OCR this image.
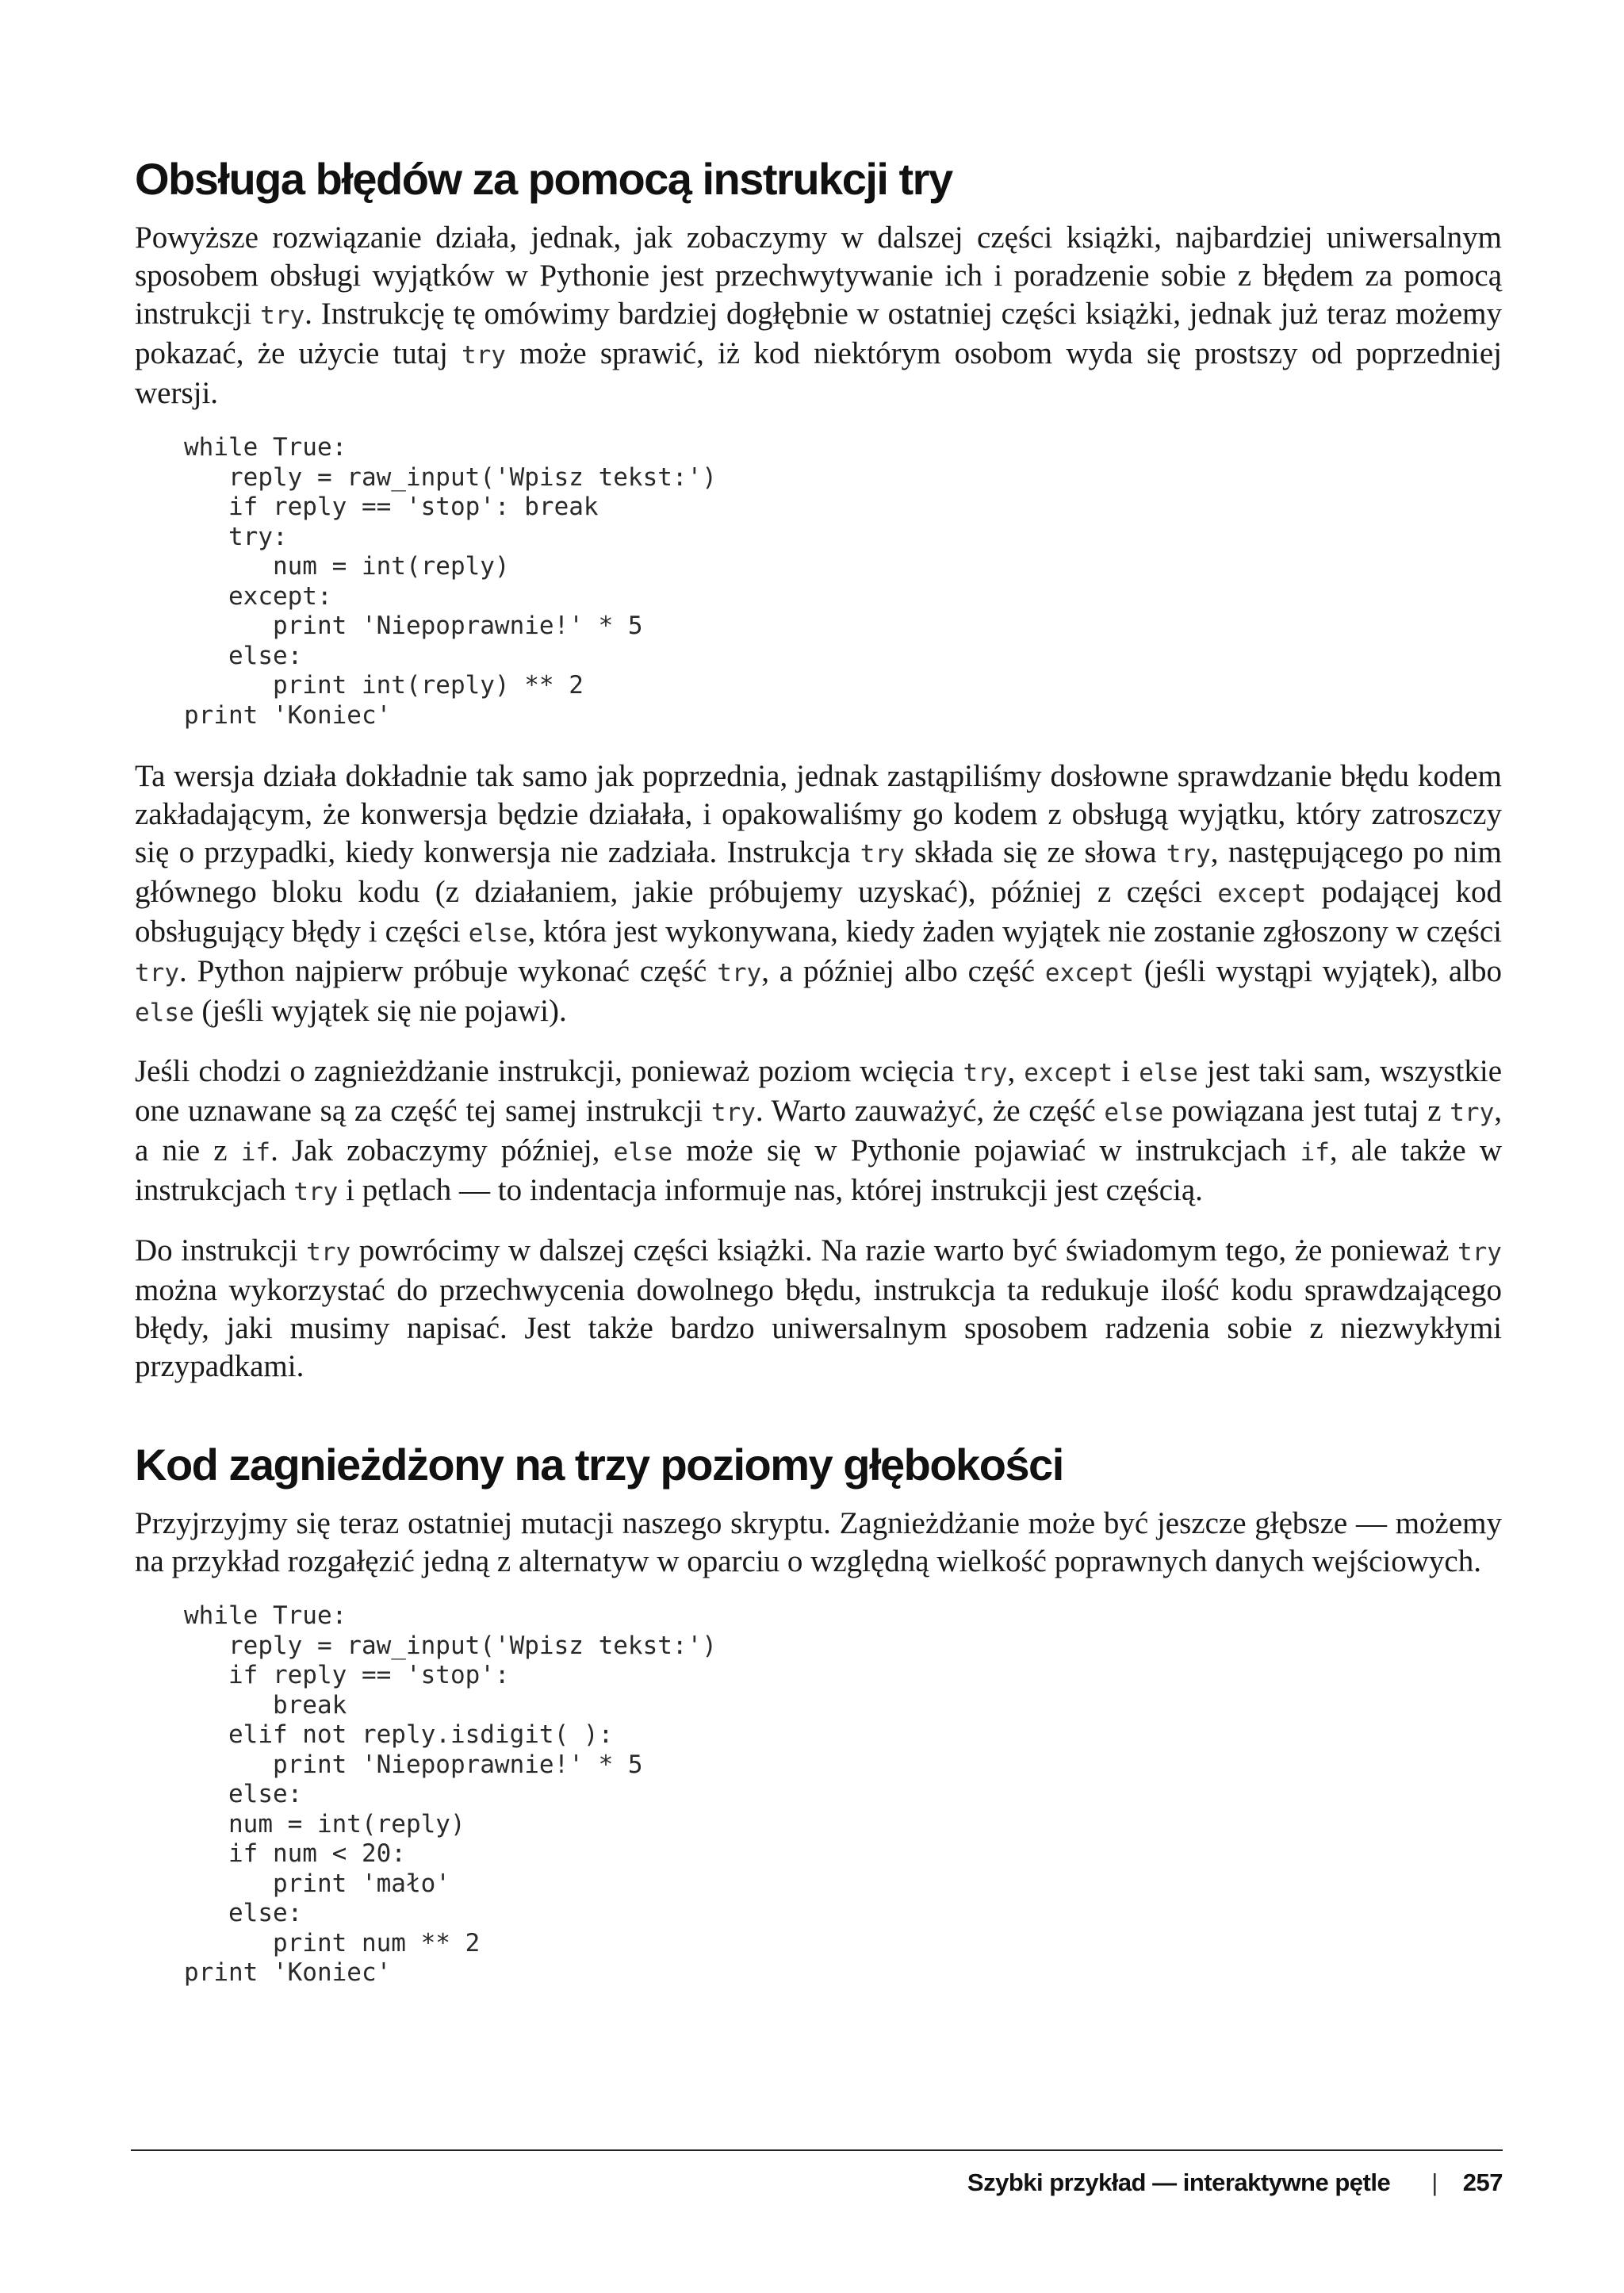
Obsługa błędów za pomocą instrukcji try

Powyższe rozwiązanie działa, jednak, jak zobaczymy w dalszej części książki, najbardziej uniwersalnym sposobem obsługi wyjątków w Pythonie jest przechwytywanie ich i poradzenie sobie z błędem za pomocą instrukcji try. Instrukcję tę omówimy bardziej dogłębnie w ostatniej części książki, jednak już teraz możemy pokazać, że użycie tutaj try może sprawić, iż kod niektórym osobom wyda się prostszy od poprzedniej wersji.

while True:
reply = raw_input('Wpisz tekst:')
if reply == 'stop': break
try:
num = int(reply)
except:
print 'Niepoprawnie!' * 5
else:
print int(reply) ** 2
print 'Koniec'

Ta wersja działa dokładnie tak samo jak poprzednia, jednak zastąpiliśmy dosłowne sprawdzanie błędu kodem zakładającym, że konwersja będzie działała, i opakowaliśmy go kodem z obsługą wyjątku, który zatroszczy się o przypadki, kiedy konwersja nie zadziała. Instrukcja try składa się ze słowa try, następującego po nim głównego bloku kodu (z działaniem, jakie próbujemy uzyskać), później z części except podającej kod obsługujący błędy i części else, która jest wykonywana, kiedy żaden wyjątek nie zostanie zgłoszony w części try. Python najpierw próbuje wykonać część try, a później albo część except (jeśli wystąpi wyjątek), albo else (jeśli wyjątek się nie pojawi).

Jeśli chodzi o zagnieżdżanie instrukcji, ponieważ poziom wcięcia try, except i else jest taki sam, wszystkie one uznawane są za część tej samej instrukcji try. Warto zauważyć, że część else powiązana jest tutaj z try, a nie z if. Jak zobaczymy później, else może się w Pythonie pojawiać w instrukcjach if, ale także w instrukcjach try i pętlach — to indentacja informuje nas, której instrukcji jest częścią.

Do instrukcji try powrócimy w dalszej części książki. Na razie warto być świadomym tego, że ponieważ try można wykorzystać do przechwycenia dowolnego błędu, instrukcja ta redukuje ilość kodu sprawdzającego błędy, jaki musimy napisać. Jest także bardzo uniwersalnym sposobem radzenia sobie z niezwykłymi przypadkami.

Kod zagnieżdżony na trzy poziomy głębokości

Przyjrzyjmy się teraz ostatniej mutacji naszego skryptu. Zagnieżdżanie może być jeszcze głębsze — możemy na przykład rozgałęzić jedną z alternatyw w oparciu o względną wielkość poprawnych danych wejściowych.

while True:
reply = raw_input('Wpisz tekst:')
if reply == 'stop':
break
elif not reply.isdigit( ):
print 'Niepoprawnie!' * 5
else:
num = int(reply)
if num < 20:
print 'mało'
else:
print num ** 2
print 'Koniec'
Szybki przykład — interaktywne pętle | 257
